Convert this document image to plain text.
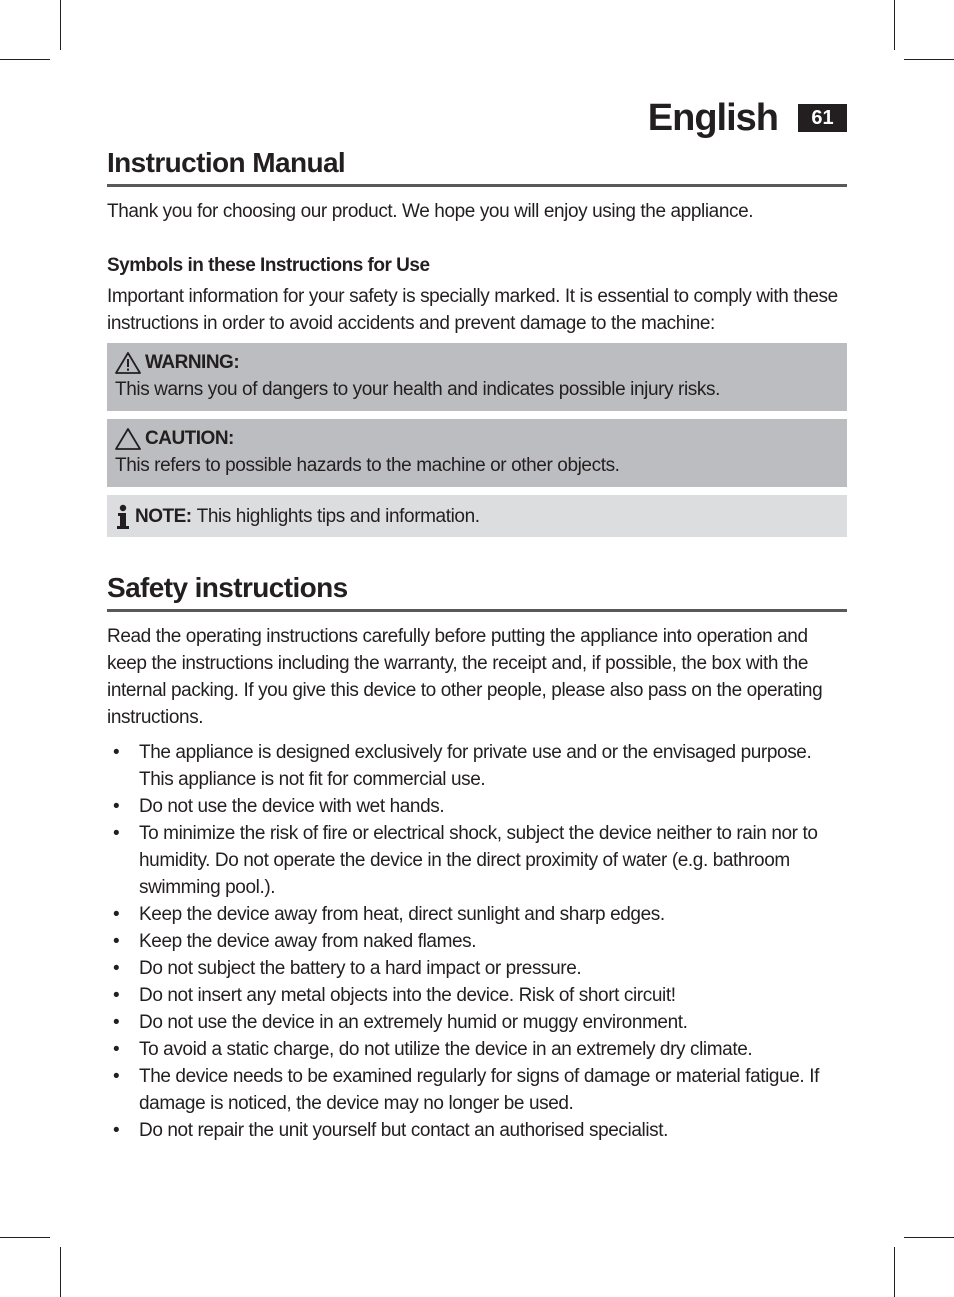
English	61
Instruction Manual

Thank you for choosing our product. We hope you will enjoy using the appliance.

Symbols in these Instructions for Use

Important information for your safety is specially marked. It is essential to comply with these instructions in order to avoid accidents and prevent damage to the machine:

WARNING:
This warns you of dangers to your health and indicates possible injury risks.
CAUTION:
This refers to possible hazards to the machine or other objects.
NOTE: This highlights tips and information.
Safety instructions

Read the operating instructions carefully before putting the appliance into operation and keep the instructions including the warranty, the receipt and, if possible, the box with the internal packing. If you give this device to other people, please also pass on the operating instructions.

• The appliance is designed exclusively for private use and or the envisaged purpose. This appliance is not fit for commercial use.
• Do not use the device with wet hands.
• To minimize the risk of fire or electrical shock, subject the device neither to rain nor to humidity. Do not operate the device in the direct proximity of water (e.g. bathroom swimming pool.).
• Keep the device away from heat, direct sunlight and sharp edges.
• Keep the device away from naked flames.
• Do not subject the battery to a hard impact or pressure.
• Do not insert any metal objects into the device. Risk of short circuit!
• Do not use the device in an extremely humid or muggy environment.
• To avoid a static charge, do not utilize the device in an extremely dry climate.
• The device needs to be examined regularly for signs of damage or material fatigue. If damage is noticed, the device may no longer be used.
• Do not repair the unit yourself but contact an authorised specialist.
